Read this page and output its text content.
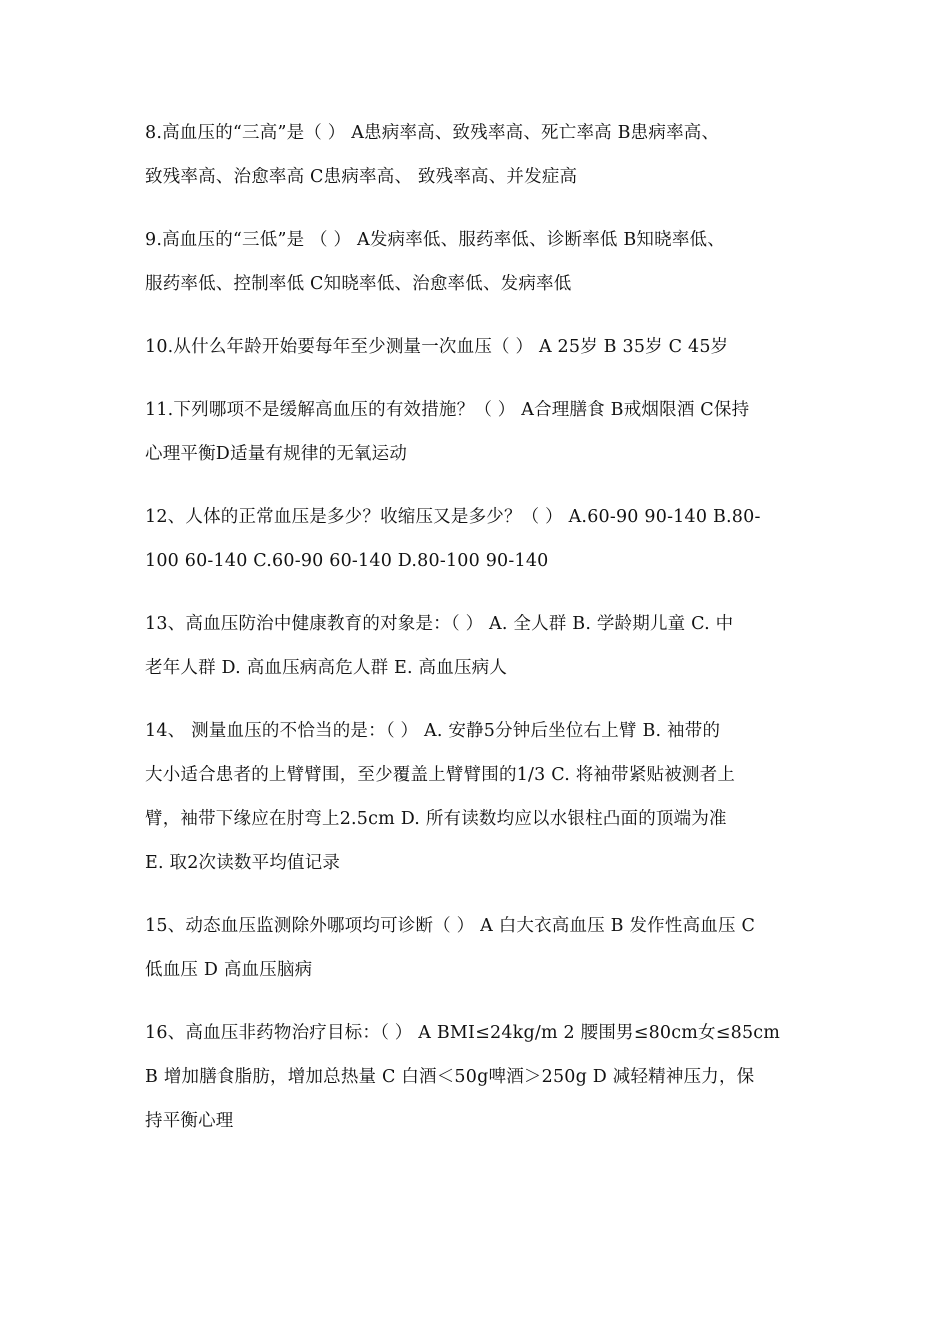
8.高血压的“三高”是（ ） A患病率高、致残率高、死亡率高 B患病率高、
致残率高、治愈率高 C患病率高、 致残率高、并发症高
9.高血压的“三低”是 （ ） A发病率低、服药率低、诊断率低 B知晓率低、
服药率低、控制率低 C知晓率低、治愈率低、发病率低
10.从什么年龄开始要每年至少测量一次血压（ ） A 25岁 B 35岁 C 45岁
11.下列哪项不是缓解高血压的有效措施？（ ） A合理膳食 B戒烟限酒 C保持
心理平衡D适量有规律的无氧运动
12、人体的正常血压是多少？收缩压又是多少？（ ） A.60-90 90-140 B.80-
100 60-140 C.60-90 60-140 D.80-100 90-140
13、高血压防治中健康教育的对象是：（ ） A. 全人群 B. 学龄期儿童 C. 中
老年人群 D. 高血压病高危人群 E. 高血压病人
14、 测量血压的不恰当的是：（ ） A. 安静5分钟后坐位右上臂 B. 袖带的
大小适合患者的上臂臂围，至少覆盖上臂臂围的1/3 C. 将袖带紧贴被测者上
臂，袖带下缘应在肘弯上2.5cm D. 所有读数均应以水银柱凸面的顶端为准
E. 取2次读数平均值记录
15、动态血压监测除外哪项均可诊断（ ） A 白大衣高血压 B 发作性高血压 C
低血压 D 高血压脑病
16、高血压非药物治疗目标：（ ） A BMI≤24kg/m 2 腰围男≤80cm女≤85cm
B 增加膳食脂肪，增加总热量 C 白酒＜50g啤酒＞250g D 减轻精神压力，保
持平衡心理
